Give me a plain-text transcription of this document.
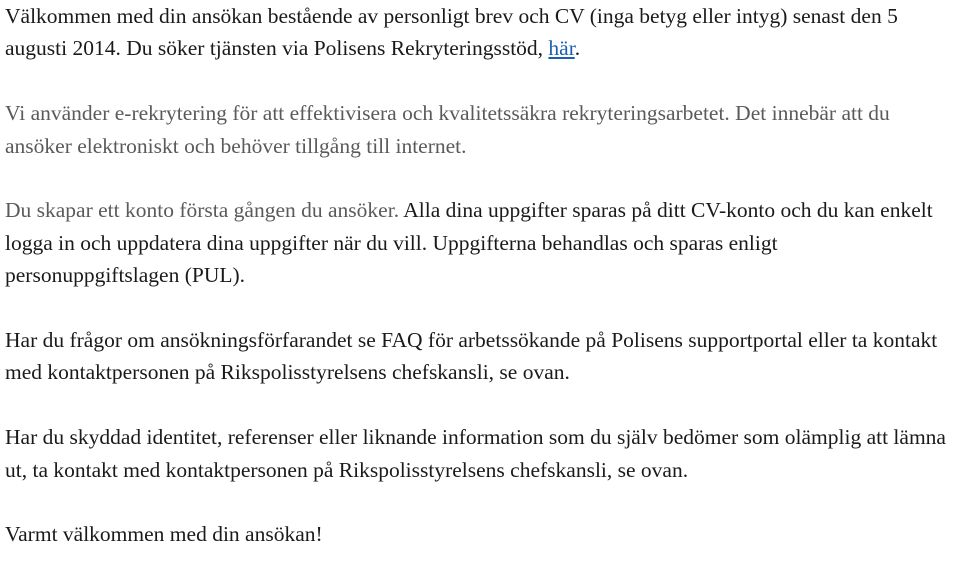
Välkommen med din ansökan bestående av personligt brev och CV (inga betyg eller intyg) senast den 5 augusti 2014. Du söker tjänsten via Polisens Rekryteringsstöd, här.

Vi använder e-rekrytering för att effektivisera och kvalitetssäkra rekryteringsarbetet. Det innebär att du ansöker elektroniskt och behöver tillgång till internet.

Du skapar ett konto första gången du ansöker. Alla dina uppgifter sparas på ditt CV-konto och du kan enkelt logga in och uppdatera dina uppgifter när du vill. Uppgifterna behandlas och sparas enligt personuppgiftslagen (PUL).

Har du frågor om ansökningsförfarandet se FAQ för arbetssökande på Polisens supportportal eller ta kontakt med kontaktpersonen på Rikspolisstyrelsens chefskansli, se ovan.

Har du skyddad identitet, referenser eller liknande information som du själv bedömer som olämplig att lämna ut, ta kontakt med kontaktpersonen på Rikspolisstyrelsens chefskansli, se ovan.

Varmt välkommen med din ansökan!
